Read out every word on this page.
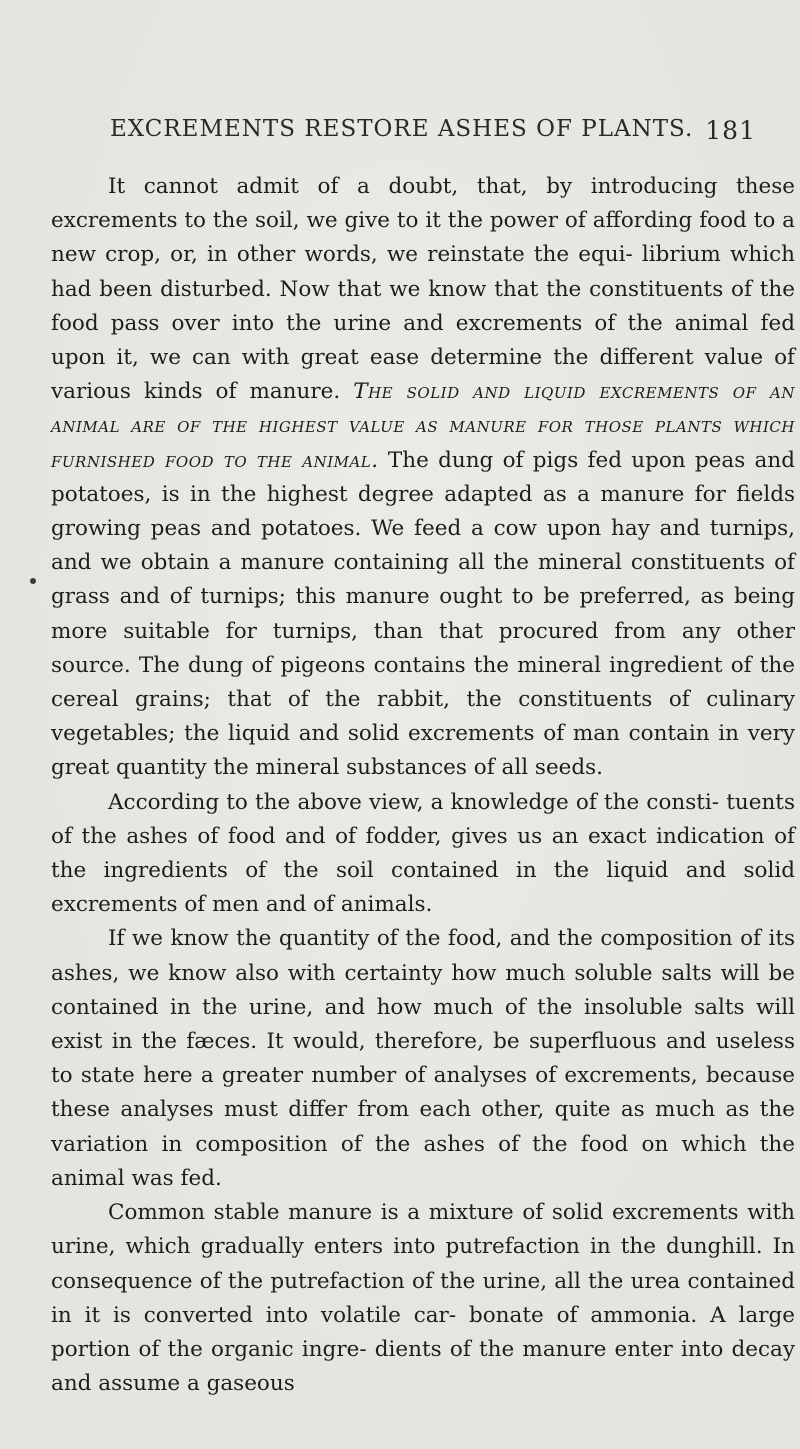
EXCREMENTS RESTORE ASHES OF PLANTS. 181

It cannot admit of a doubt, that, by introducing these excrements to the soil, we give to it the power of affording food to a new crop, or, in other words, we reinstate the equi- librium which had been disturbed. Now that we know that the constituents of the food pass over into the urine and excrements of the animal fed upon it, we can with great ease determine the different value of various kinds of manure. The solid and liquid excrements of an animal are of the highest value as manure for those plants which furnished food to the animal. The dung of pigs fed upon peas and potatoes, is in the highest degree adapted as a manure for fields growing peas and potatoes. We feed a cow upon hay and turnips, and we obtain a manure containing all the mineral constituents of grass and of turnips; this manure ought to be preferred, as being more suitable for turnips, than that procured from any other source. The dung of pigeons contains the mineral ingredient of the cereal grains; that of the rabbit, the constituents of culinary vegetables; the liquid and solid excrements of man contain in very great quantity the mineral substances of all seeds.

According to the above view, a knowledge of the consti- tuents of the ashes of food and of fodder, gives us an exact indication of the ingredients of the soil contained in the liquid and solid excrements of men and of animals.

If we know the quantity of the food, and the composition of its ashes, we know also with certainty how much soluble salts will be contained in the urine, and how much of the insoluble salts will exist in the fæces. It would, therefore, be superfluous and useless to state here a greater number of analyses of excrements, because these analyses must differ from each other, quite as much as the variation in composition of the ashes of the food on which the animal was fed.

Common stable manure is a mixture of solid excrements with urine, which gradually enters into putrefaction in the dunghill. In consequence of the putrefaction of the urine, all the urea contained in it is converted into volatile car- bonate of ammonia. A large portion of the organic ingre- dients of the manure enter into decay and assume a gaseous
